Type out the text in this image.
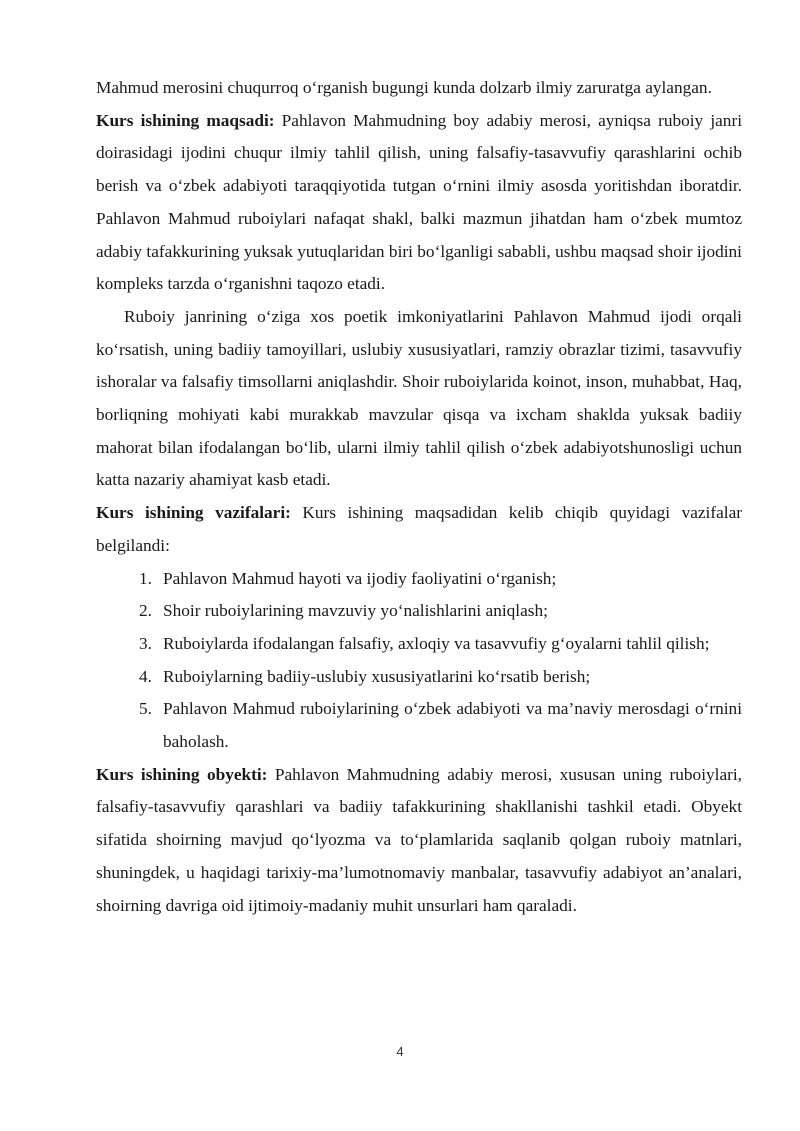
Mahmud merosini chuqurroq o‘rganish bugungi kunda dolzarb ilmiy zaruratga aylangan.

Kurs ishining maqsadi: Pahlavon Mahmudning boy adabiy merosi, ayniqsa ruboiy janri doirasidagi ijodini chuqur ilmiy tahlil qilish, uning falsafiy-tasavvufiy qarashlarini ochib berish va o‘zbek adabiyoti taraqqiyotida tutgan o‘rnini ilmiy asosda yoritishdan iboratdir. Pahlavon Mahmud ruboiylari nafaqat shakl, balki mazmun jihatdan ham o‘zbek mumtoz adabiy tafakkurining yuksak yutuqlaridan biri bo‘lganligi sababli, ushbu maqsad shoir ijodini kompleks tarzda o‘rganishni taqozo etadi.

Ruboiy janrining o‘ziga xos poetik imkoniyatlarini Pahlavon Mahmud ijodi orqali ko‘rsatish, uning badiiy tamoyillari, uslubiy xususiyatlari, ramziy obrazlar tizimi, tasavvufiy ishoralar va falsafiy timsollarni aniqlashdir. Shoir ruboiylarida koinot, inson, muhabbat, Haq, borliqning mohiyati kabi murakkab mavzular qisqa va ixcham shaklda yuksak badiiy mahorat bilan ifodalangan bo‘lib, ularni ilmiy tahlil qilish o‘zbek adabiyotshunosligi uchun katta nazariy ahamiyat kasb etadi.

Kurs ishining vazifalari: Kurs ishining maqsadidan kelib chiqib quyidagi vazifalar belgilandi:

1. Pahlavon Mahmud hayoti va ijodiy faoliyatini o‘rganish;
2. Shoir ruboiylarining mavzuviy yo‘nalishlarini aniqlash;
3. Ruboiylarda ifodalangan falsafiy, axloqiy va tasavvufiy g‘oyalarni tahlil qilish;
4. Ruboiylarning badiiy-uslubiy xususiyatlarini ko‘rsatib berish;
5. Pahlavon Mahmud ruboiylarining o‘zbek adabiyoti va ma’naviy merosdagi o‘rnini baholash.

Kurs ishining obyekti: Pahlavon Mahmudning adabiy merosi, xususan uning ruboiylari, falsafiy-tasavvufiy qarashlari va badiiy tafakkurining shakllanishi tashkil etadi. Obyekt sifatida shoirning mavjud qo‘lyozma va to‘plamlarida saqlanib qolgan ruboiy matnlari, shuningdek, u haqidagi tarixiy-ma’lumotnomaviy manbalar, tasavvufiy adabiyot an’analari, shoirning davriga oid ijtimoiy-madaniy muhit unsurlari ham qaraladi.

4
